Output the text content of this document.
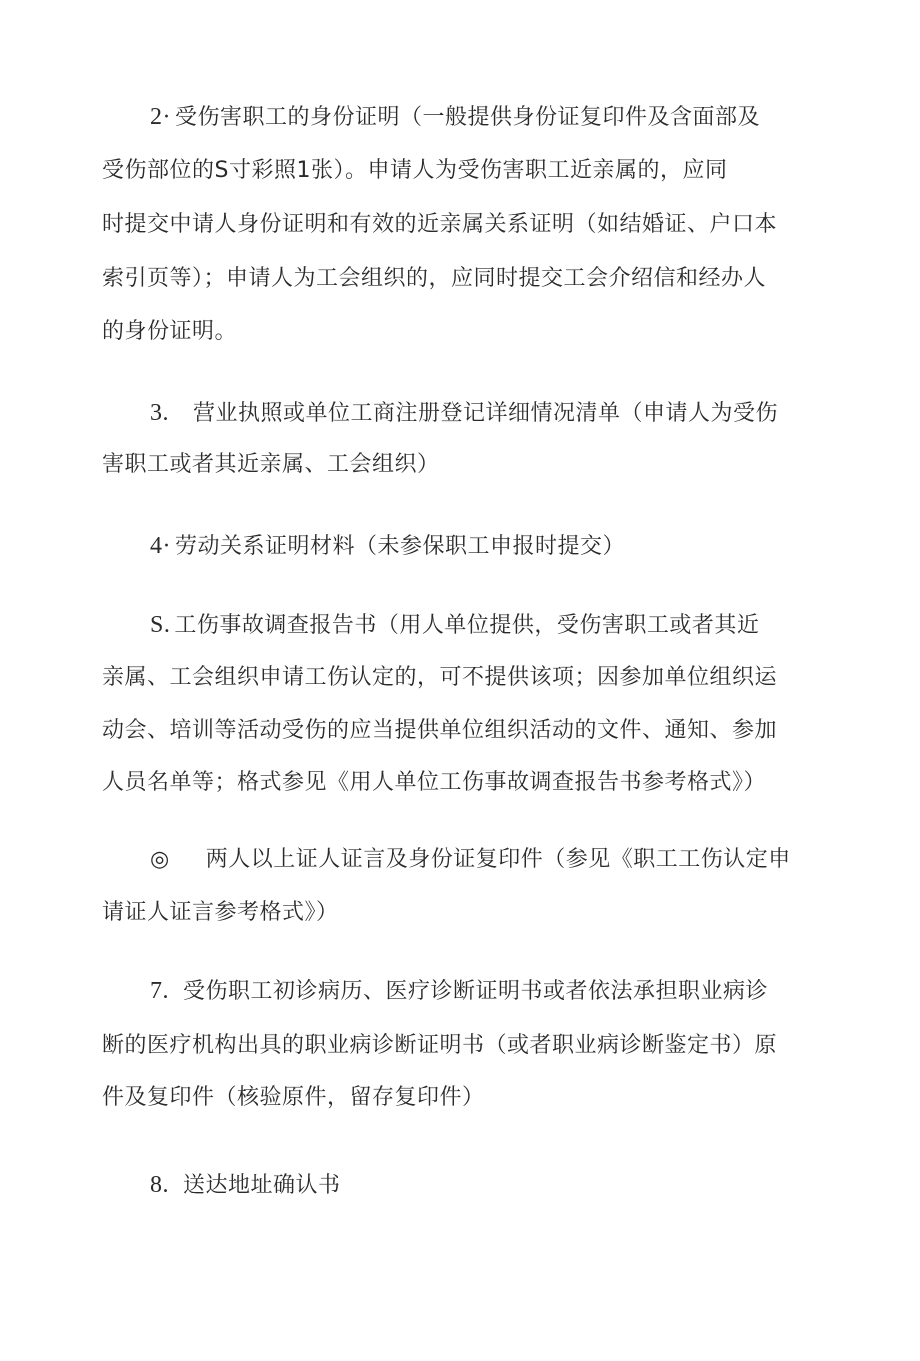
2· 受伤害职工的身份证明（一般提供身份证复印件及含面部及
受伤部位的S寸彩照1张）。申请人为受伤害职工近亲属的，应同
时提交中请人身份证明和有效的近亲属关系证明（如结婚证、户口本
索引页等）；申请人为工会组织的，应同时提交工会介绍信和经办人
的身份证明。
3. 营业执照或单位工商注册登记详细情况清单（申请人为受伤
害职工或者其近亲属、工会组织）
4· 劳动关系证明材料（未参保职工申报时提交）
S. 工伤事故调查报告书（用人单位提供，受伤害职工或者其近
亲属、工会组织申请工伤认定的，可不提供该项；因参加单位组织运
动会、培训等活动受伤的应当提供单位组织活动的文件、通知、参加
人员名单等；格式参见《用人单位工伤事故调查报告书参考格式》）
◎ 两人以上证人证言及身份证复印件（参见《职工工伤认定申
请证人证言参考格式》）
7. 受伤职工初诊病历、医疗诊断证明书或者依法承担职业病诊
断的医疗机构出具的职业病诊断证明书（或者职业病诊断鉴定书）原
件及复印件（核验原件，留存复印件）
8. 送达地址确认书
